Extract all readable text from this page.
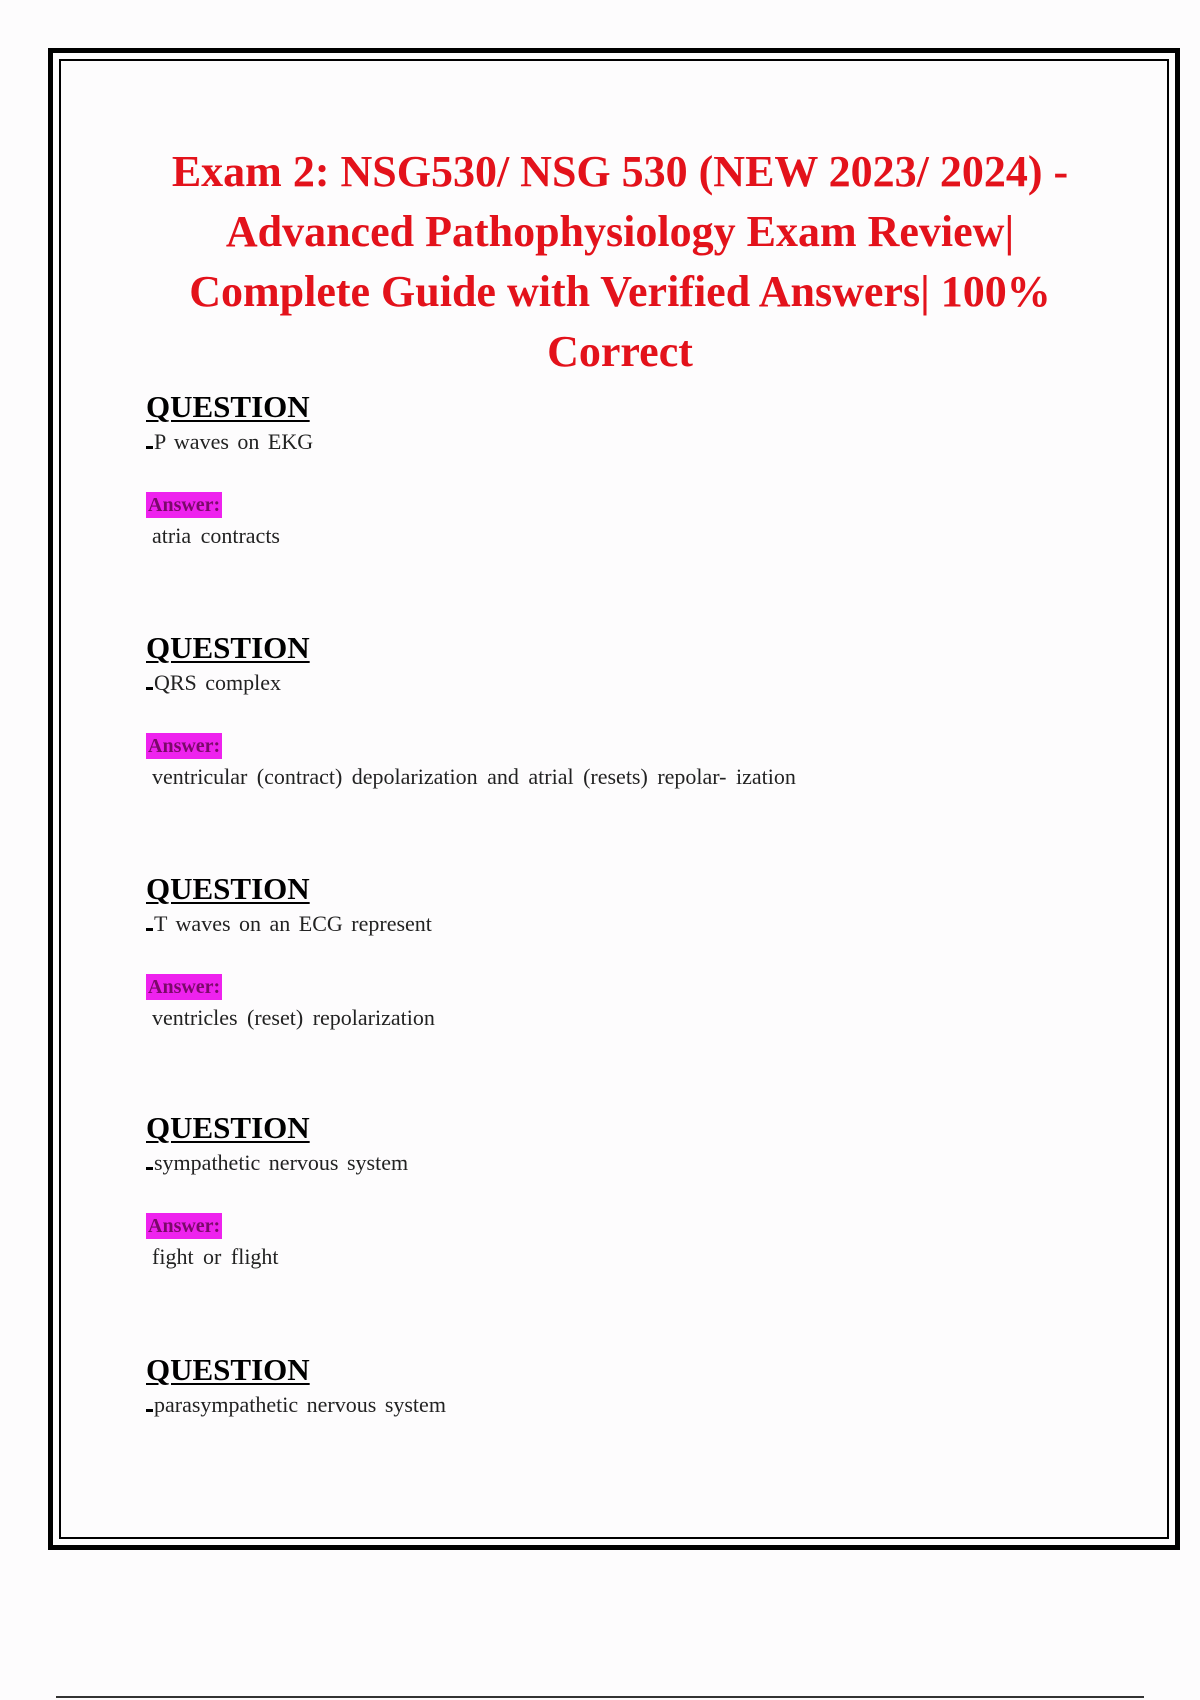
Exam 2: NSG530/ NSG 530 (NEW 2023/ 2024) - Advanced Pathophysiology Exam Review| Complete Guide with Verified Answers| 100% Correct
QUESTION
P waves on EKG
Answer:
atria contracts
QUESTION
QRS complex
Answer:
ventricular (contract) depolarization and atrial (resets) repolar- ization
QUESTION
T waves on an ECG represent
Answer:
ventricles (reset) repolarization
QUESTION
sympathetic nervous system
Answer:
fight or flight
QUESTION
parasympathetic nervous system
